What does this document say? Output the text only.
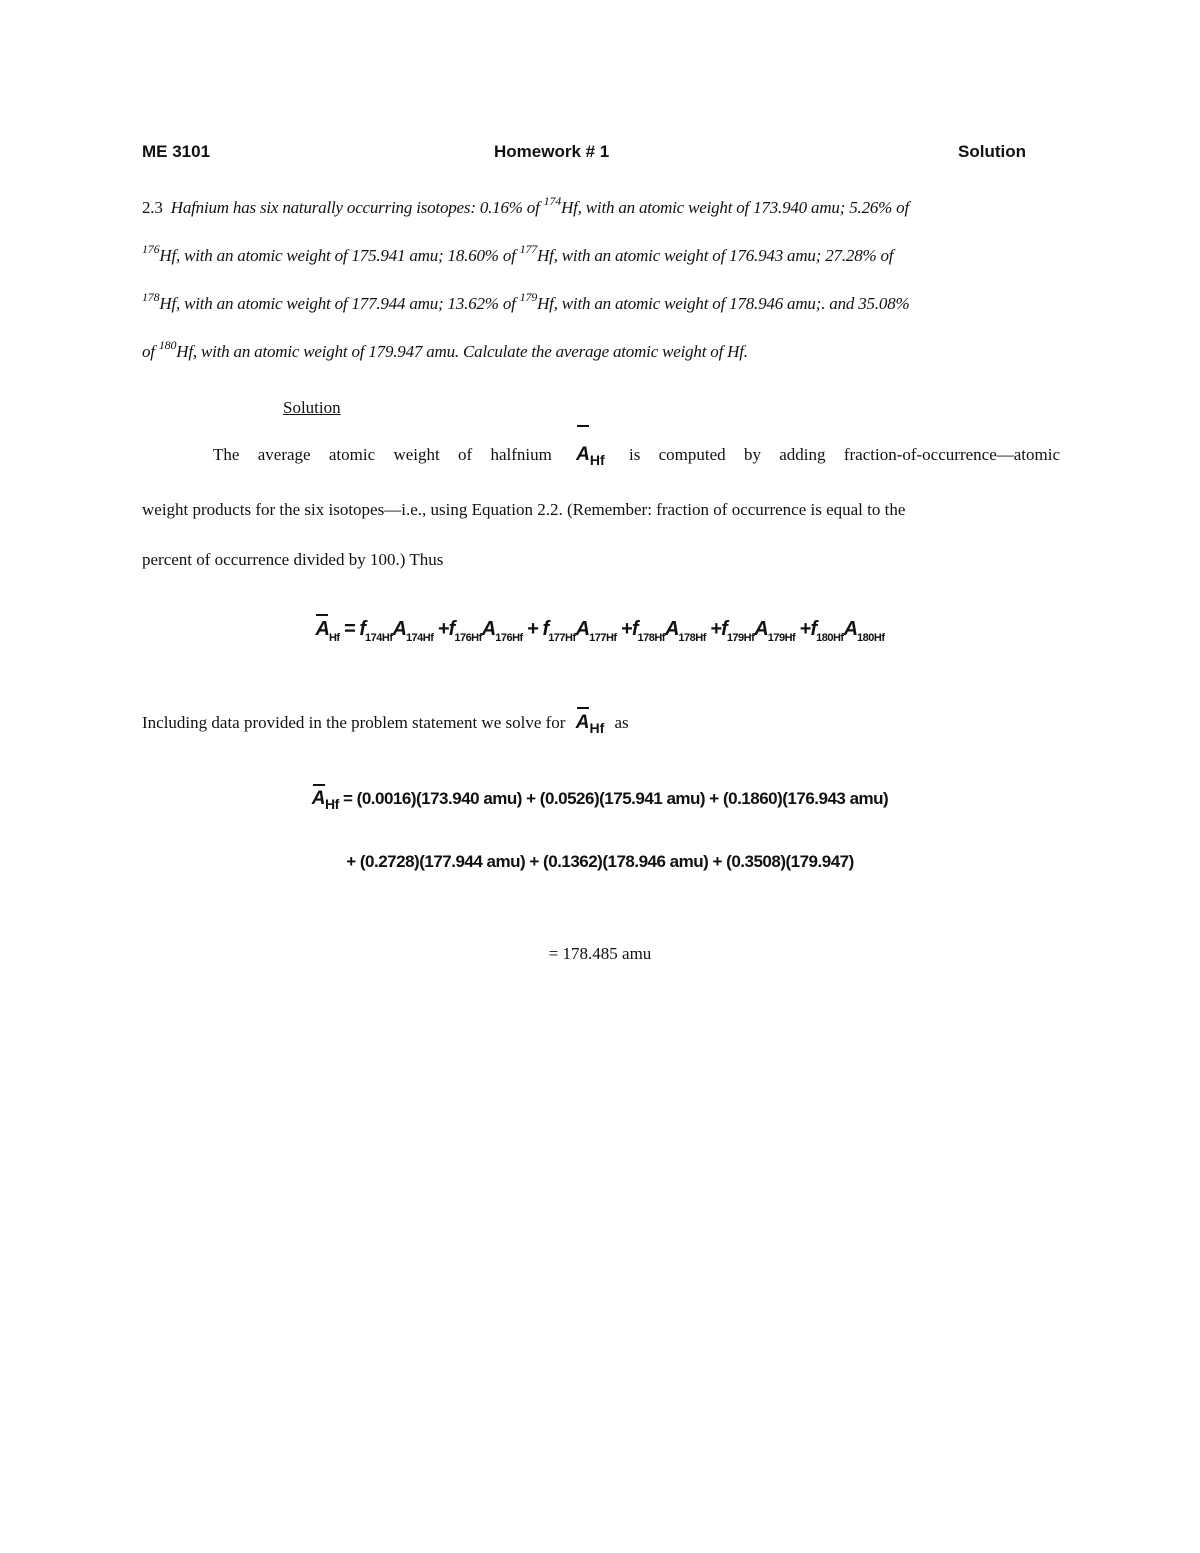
ME 3101	Homework # 1	Solution

2.3 Hafnium has six naturally occurring isotopes: 0.16% of $^{174}$Hf, with an atomic weight of 173.940 amu; 5.26% of

$^{176}$Hf, with an atomic weight of 175.941 amu; 18.60% of $^{177}$Hf, with an atomic weight of 176.943 amu; 27.28% of

$^{178}$Hf, with an atomic weight of 177.944 amu; 13.62% of $^{179}$Hf, with an atomic weight of 178.946 amu;. and 35.08%

of $^{180}$Hf, with an atomic weight of 179.947 amu. Calculate the average atomic weight of Hf.

Solution

The average atomic weight of halfnium $A_{Hf}$ is computed by adding fraction-of-occurrence—atomic

weight products for the six isotopes—i.e., using Equation 2.2. (Remember: fraction of occurrence is equal to the

percent of occurrence divided by 100.) Thus

$A_{Hf} = f_{174Hf}A_{174Hf} +f_{176Hf}A_{176Hf} + f_{177Hf}A_{177Hf} +f_{178Hf}A_{178Hf} +f_{179Hf}A_{179Hf} +f_{180Hf}A_{180Hf}$
Including data provided in the problem statement we solve for $A_{Hf}$ as
$A_{Hf} = (0.0016)(173.940$ amu) + (0.0526)(175.941 amu) + (0.1860)(176.943 amu)
+ (0.2728)(177.944 amu) + (0.1362)(178.946 amu) + (0.3508)(179.947)
= 178.485 amu
